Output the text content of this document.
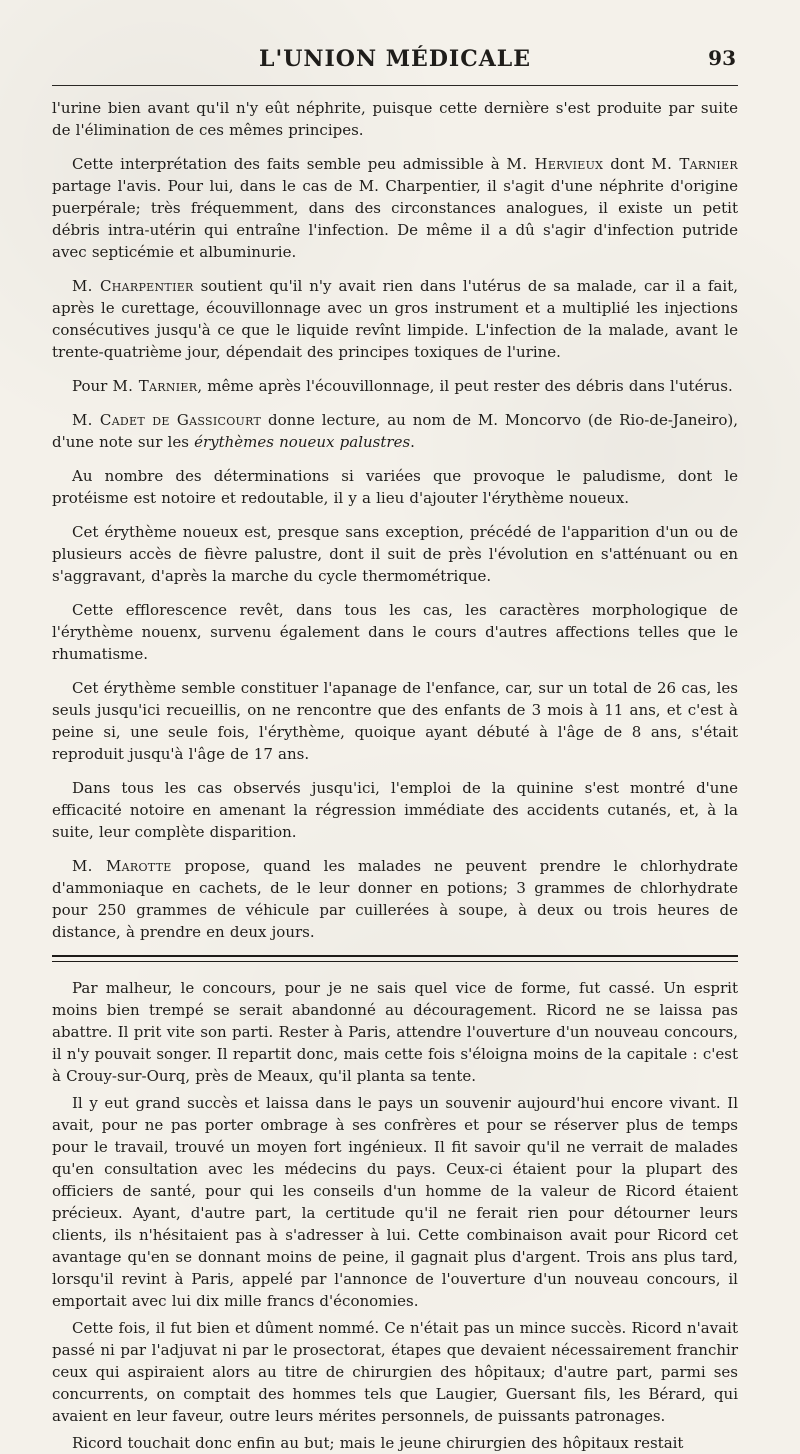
L'UNION MÉDICALE	93

l'urine bien avant qu'il n'y eût néphrite, puisque cette dernière s'est produite par suite de l'élimination de ces mêmes principes.

Cette interprétation des faits semble peu admissible à M. Hervieux dont M. Tarnier partage l'avis. Pour lui, dans le cas de M. Charpentier, il s'agit d'une néphrite d'origine puerpérale; très fréquemment, dans des circonstances analogues, il existe un petit débris intra-utérin qui entraîne l'infection. De même il a dû s'agir d'infection putride avec septicémie et albuminurie.

M. Charpentier soutient qu'il n'y avait rien dans l'utérus de sa malade, car il a fait, après le curettage, écouvillonnage avec un gros instrument et a multiplié les injections consécutives jusqu'à ce que le liquide revînt limpide. L'infection de la malade, avant le trente-quatrième jour, dépendait des principes toxiques de l'urine.

Pour M. Tarnier, même après l'écouvillonnage, il peut rester des débris dans l'utérus.

M. Cadet de Gassicourt donne lecture, au nom de M. Moncorvo (de Rio-de-Janeiro), d'une note sur les érythèmes noueux palustres.

Au nombre des déterminations si variées que provoque le paludisme, dont le protéisme est notoire et redoutable, il y a lieu d'ajouter l'érythème noueux.

Cet érythème noueux est, presque sans exception, précédé de l'apparition d'un ou de plusieurs accès de fièvre palustre, dont il suit de près l'évolution en s'atténuant ou en s'aggravant, d'après la marche du cycle thermométrique.

Cette efflorescence revêt, dans tous les cas, les caractères morphologique de l'érythème nouenx, survenu également dans le cours d'autres affections telles que le rhumatisme.

Cet érythème semble constituer l'apanage de l'enfance, car, sur un total de 26 cas, les seuls jusqu'ici recueillis, on ne rencontre que des enfants de 3 mois à 11 ans, et c'est à peine si, une seule fois, l'érythème, quoique ayant débuté à l'âge de 8 ans, s'était reproduit jusqu'à l'âge de 17 ans.

Dans tous les cas observés jusqu'ici, l'emploi de la quinine s'est montré d'une efficacité notoire en amenant la régression immédiate des accidents cutanés, et, à la suite, leur complète disparition.

M. Marotte propose, quand les malades ne peuvent prendre le chlorhydrate d'ammoniaque en cachets, de le leur donner en potions; 3 grammes de chlorhydrate pour 250 grammes de véhicule par cuillerées à soupe, à deux ou trois heures de distance, à prendre en deux jours.

Par malheur, le concours, pour je ne sais quel vice de forme, fut cassé. Un esprit moins bien trempé se serait abandonné au découragement. Ricord ne se laissa pas abattre. Il prit vite son parti. Rester à Paris, attendre l'ouverture d'un nouveau concours, il n'y pouvait songer. Il repartit donc, mais cette fois s'éloigna moins de la capitale : c'est à Crouy-sur-Ourq, près de Meaux, qu'il planta sa tente.

Il y eut grand succès et laissa dans le pays un souvenir aujourd'hui encore vivant. Il avait, pour ne pas porter ombrage à ses confrères et pour se réserver plus de temps pour le travail, trouvé un moyen fort ingénieux. Il fit savoir qu'il ne verrait de malades qu'en consultation avec les médecins du pays. Ceux-ci étaient pour la plupart des officiers de santé, pour qui les conseils d'un homme de la valeur de Ricord étaient précieux. Ayant, d'autre part, la certitude qu'il ne ferait rien pour détourner leurs clients, ils n'hésitaient pas à s'adresser à lui. Cette combinaison avait pour Ricord cet avantage qu'en se donnant moins de peine, il gagnait plus d'argent. Trois ans plus tard, lorsqu'il revint à Paris, appelé par l'annonce de l'ouverture d'un nouveau concours, il emportait avec lui dix mille francs d'économies.

Cette fois, il fut bien et dûment nommé. Ce n'était pas un mince succès. Ricord n'avait passé ni par l'adjuvat ni par le prosectorat, étapes que devaient nécessairement franchir ceux qui aspiraient alors au titre de chirurgien des hôpitaux; d'autre part, parmi ses concurrents, on comptait des hommes tels que Laugier, Guersant fils, les Bérard, qui avaient en leur faveur, outre leurs mérites personnels, de puissants patronages.

Ricord touchait donc enfin au but; mais le jeune chirurgien des hôpitaux restait
